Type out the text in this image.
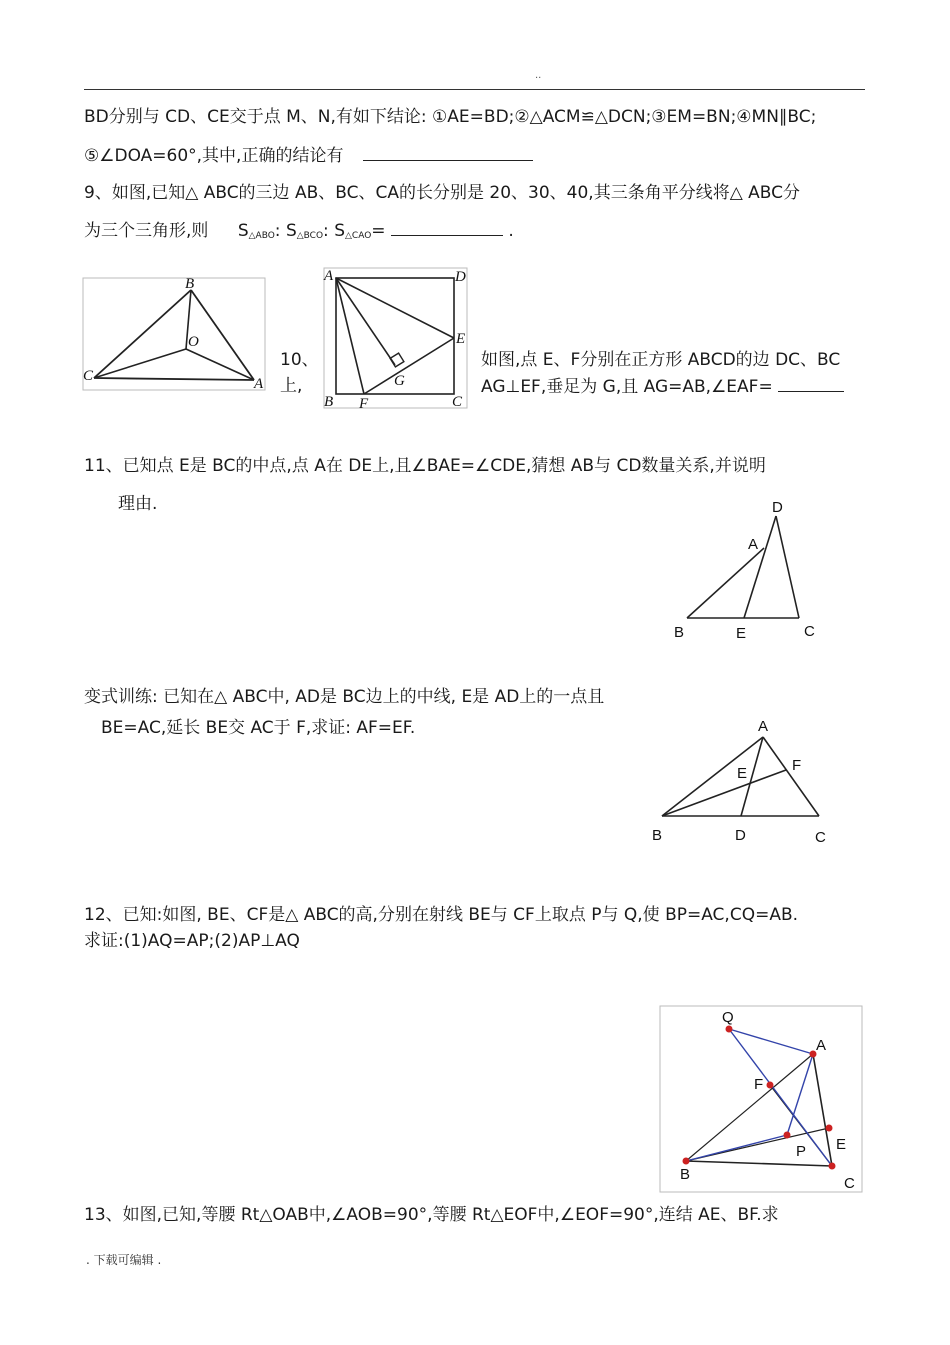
..
BD分别与 CD、CE交于点 M、N,有如下结论: ①AE=BD;②△ACM≌△DCN;③EM=BN;④MN∥BC;
⑤∠DOA=60°,其中,正确的结论有
9、如图,已知△ ABC的三边 AB、BC、CA的长分别是 20、30、40,其三条角平分线将△ ABC分
为三个三角形,则 $S_{\triangle ABO}$: $S_{\triangle BCO}$: $S_{\triangle CAO}=$	.
B
O
C	A
10、
上,
A	D
E
G
B F	C
如图,点 E、F分别在正方形 ABCD的边 DC、BC
AG⊥EF,垂足为 G,且 AG=AB,∠EAF=
11、已知点 E是 BC的中点,点 A在 DE上,且∠BAE=∠CDE,猜想 AB与 CD数量关系,并说明
理由.	D
A
B	E	C
变式训练: 已知在△ ABC中, AD是 BC边上的中线, E是 AD上的一点且
BE=AC,延长 BE交 AC于 F,求证: AF=EF.	A
E	F
B	D	C
12、已知:如图, BE、CF是△ ABC的高,分别在射线 BE与 CF上取点 P与 Q,使 BP=AC,CQ=AB.
求证:(1)AQ=AP;(2)AP⊥AQ
Q
A
F
E
P
B
C
13、如图,已知,等腰 Rt△OAB中,∠AOB=90°,等腰 Rt△EOF中,∠EOF=90°,连结 AE、BF.求
. 下载可编辑 .
